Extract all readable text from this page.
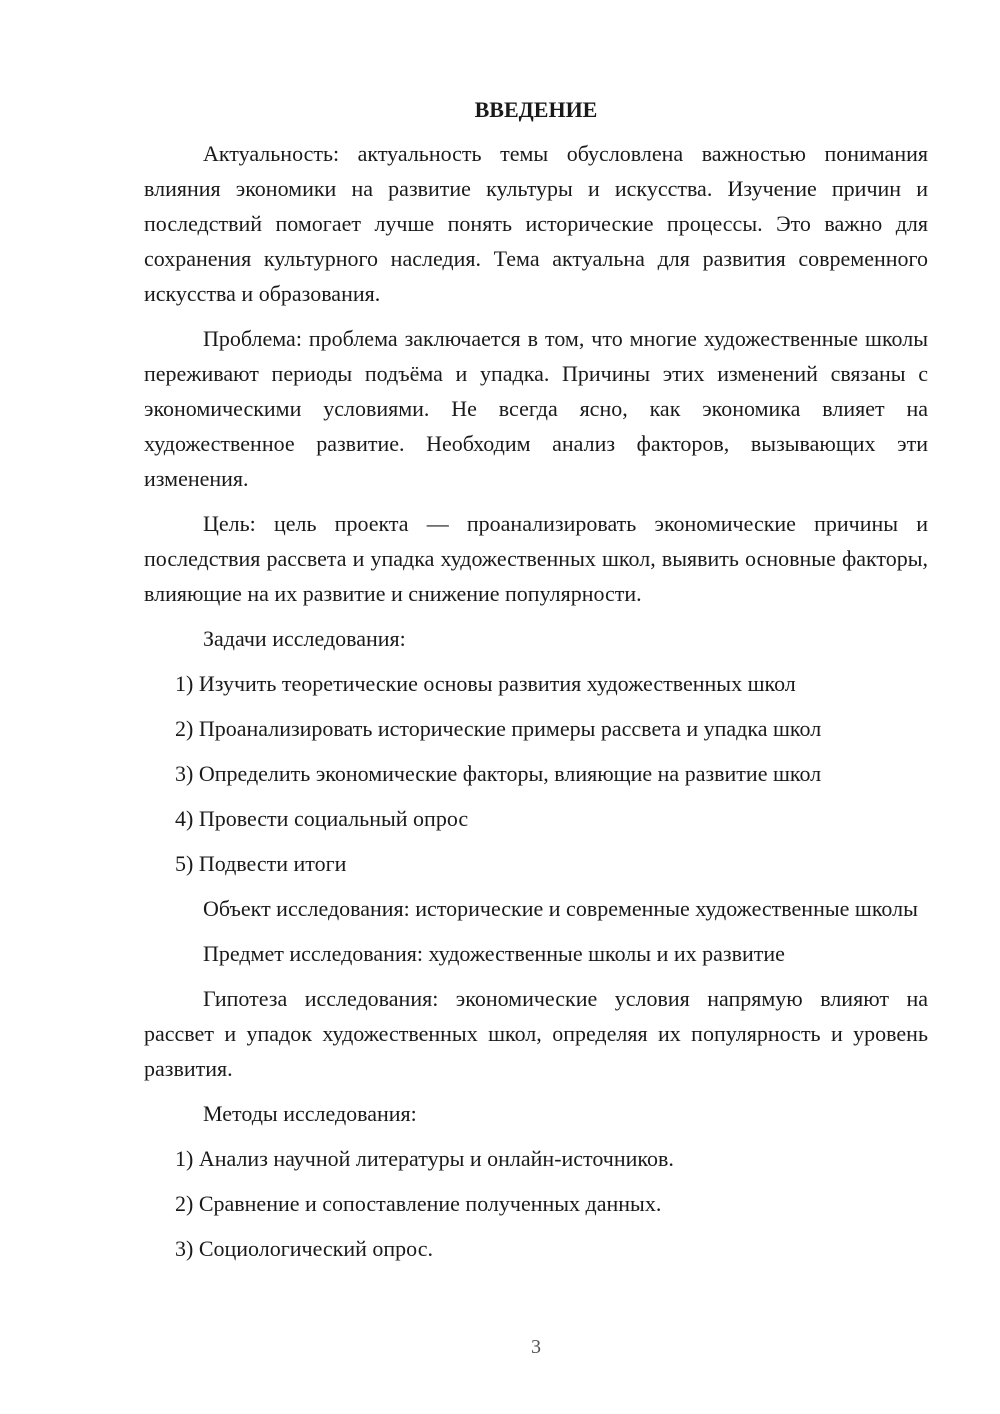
ВВЕДЕНИЕ

Актуальность: актуальность темы обусловлена важностью понимания влияния экономики на развитие культуры и искусства. Изучение причин и последствий помогает лучше понять исторические процессы. Это важно для сохранения культурного наследия. Тема актуальна для развития современного искусства и образования.

Проблема: проблема заключается в том, что многие художественные школы переживают периоды подъёма и упадка. Причины этих изменений связаны с экономическими условиями. Не всегда ясно, как экономика влияет на художественное развитие. Необходим анализ факторов, вызывающих эти изменения.

Цель: цель проекта — проанализировать экономические причины и последствия рассвета и упадка художественных школ, выявить основные факторы, влияющие на их развитие и снижение популярности.

Задачи исследования:

1) Изучить теоретические основы развития художественных школ

2) Проанализировать исторические примеры рассвета и упадка школ

3) Определить экономические факторы, влияющие на развитие школ

4) Провести социальный опрос

5) Подвести итоги

Объект исследования: исторические и современные художественные школы

Предмет исследования: художественные школы и их развитие

Гипотеза исследования: экономические условия напрямую влияют на рассвет и упадок художественных школ, определяя их популярность и уровень развития.

Методы исследования:

1) Анализ научной литературы и онлайн-источников.

2) Сравнение и сопоставление полученных данных.

3) Социологический опрос.

3
